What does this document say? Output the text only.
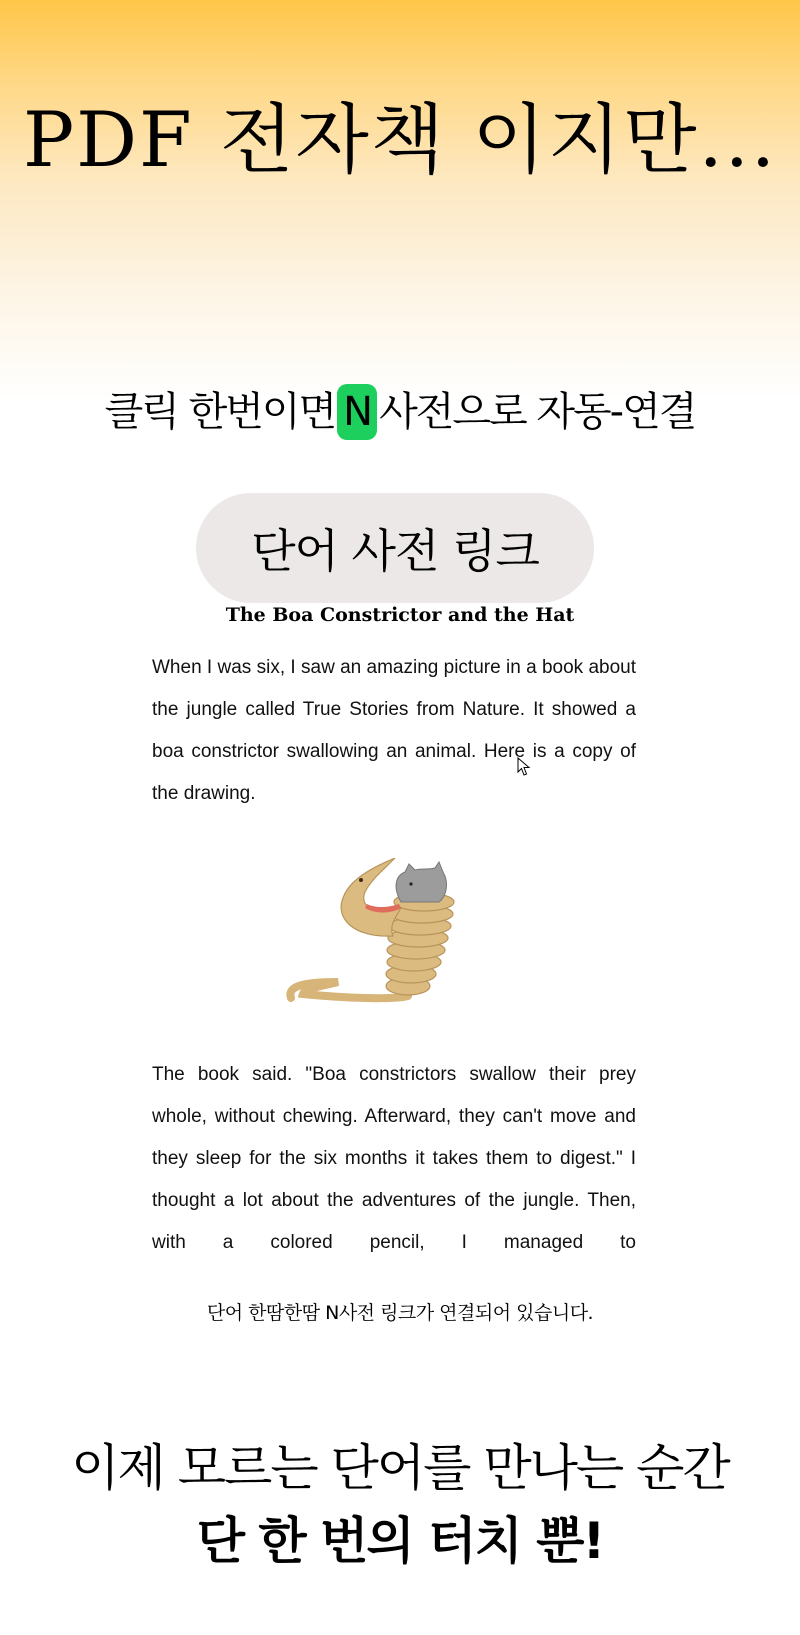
PDF 전자책 이지만...
클릭 한번이면 N 사전으로 자동-연결
단어 사전 링크
The Boa Constrictor and the Hat
When I was six, I saw an amazing picture in a book about the jungle called True Stories from Nature. It showed a boa constrictor swallowing an animal. Here is a copy of the drawing.
The book said. "Boa constrictors swallow their prey whole, without chewing. Afterward, they can't move and they sleep for the six months it takes them to digest." I thought a lot about the adventures of the jungle. Then, with a colored pencil, I managed to
단어 한땀한땀 N사전 링크가 연결되어 있습니다.
이제 모르는 단어를 만나는 순간
단 한 번의 터치 뿐!
